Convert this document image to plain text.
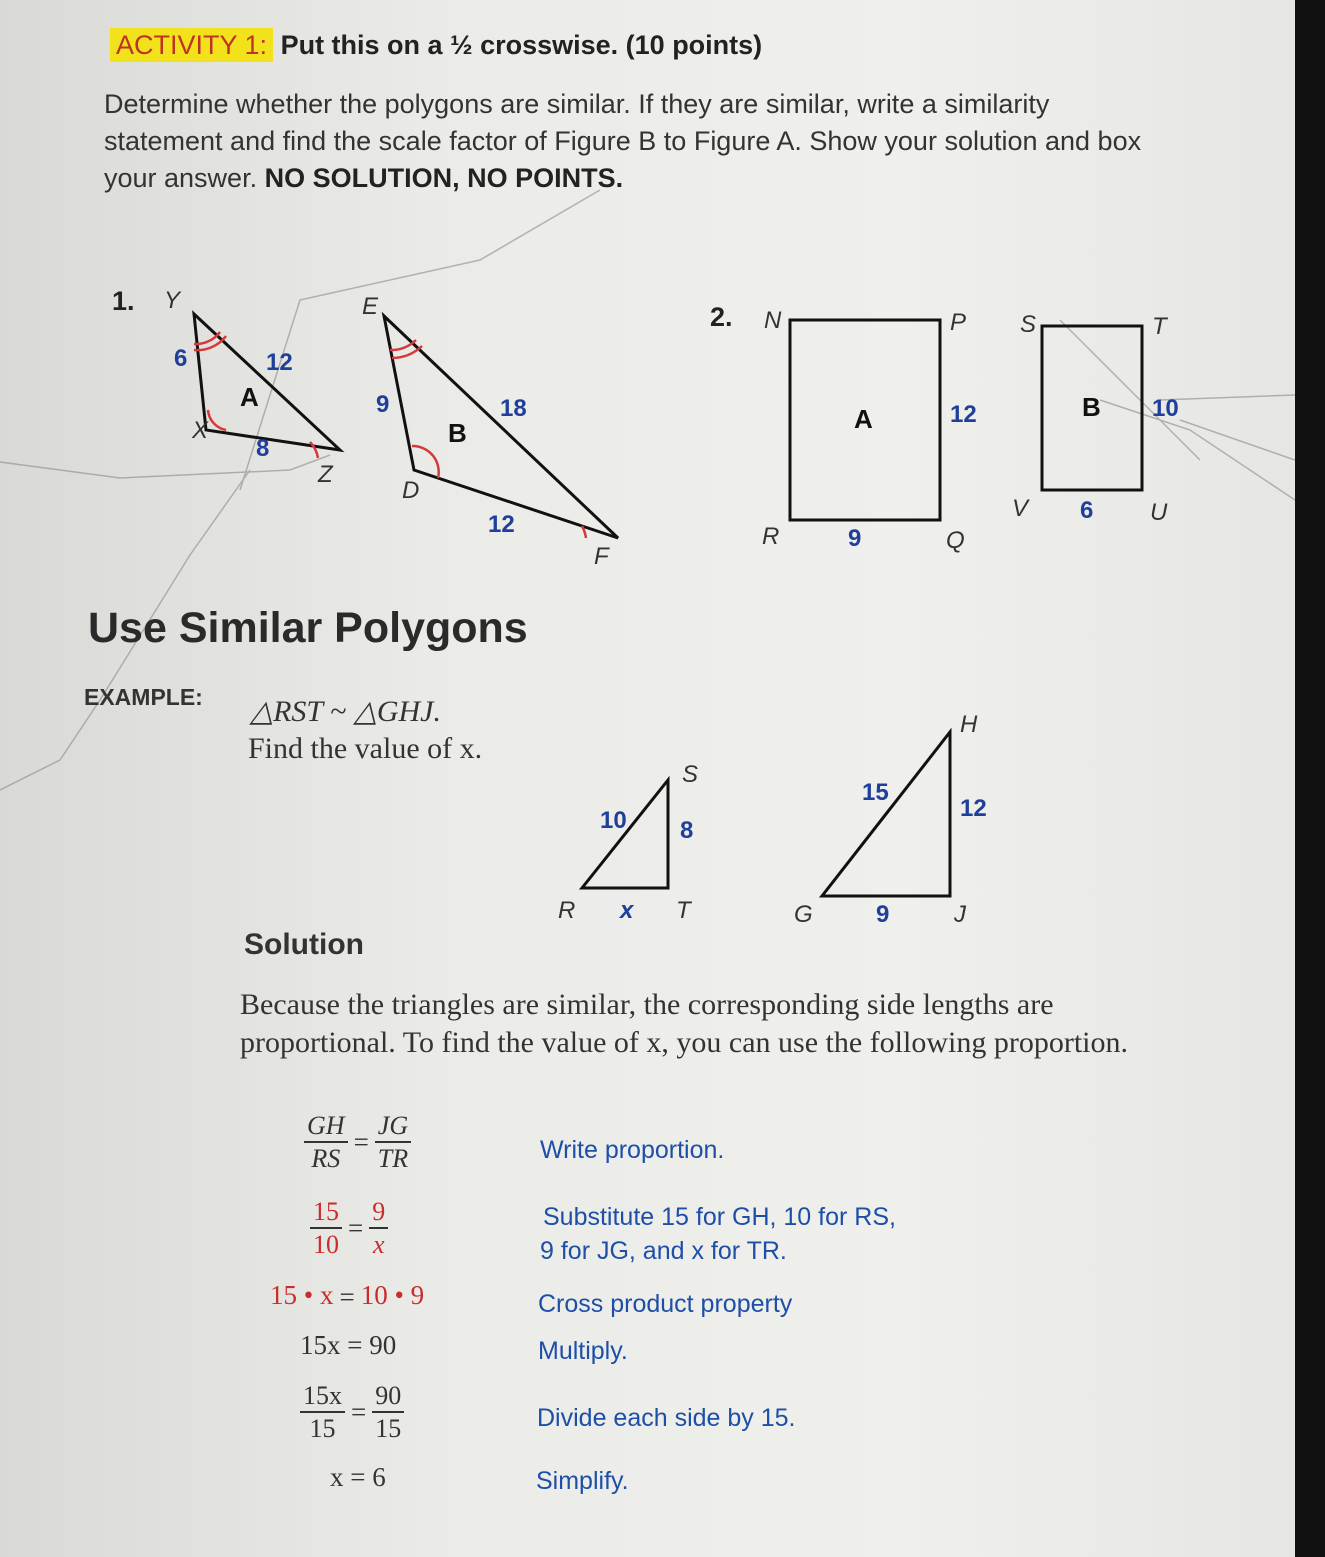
ACTIVITY 1: Put this on a ½ crosswise. (10 points)
Determine whether the polygons are similar. If they are similar, write a similarity statement and find the scale factor of Figure B to Figure A. Show your solution and box your answer. NO SOLUTION, NO POINTS.
1. Y
X
Z
6	12
8
A
E
D
F
9	18
12
B
2. N	P
Q
R
12
9
A
S	T
U
V
10
6
B
Use Similar Polygons
EXAMPLE: △RST ~ △GHJ.
Find the value of x.
R
S
T
10 8
x	G
H
J
15
12
9
Solution
Because the triangles are similar, the corresponding side lengths are proportional. To find the value of x, you can use the following proportion.
$\frac{GH}{RS} = \frac{JG}{TR}$	Write proportion.
$\frac{15}{10} = \frac{9}{x}$	Substitute 15 for GH, 10 for RS,
9 for JG, and x for TR.
15 • x = 10 • 9	Cross product property
15x = 90	Multiply.
$\frac{15x}{15} = \frac{90}{15}$	Divide each side by 15.
x = 6	Simplify.
